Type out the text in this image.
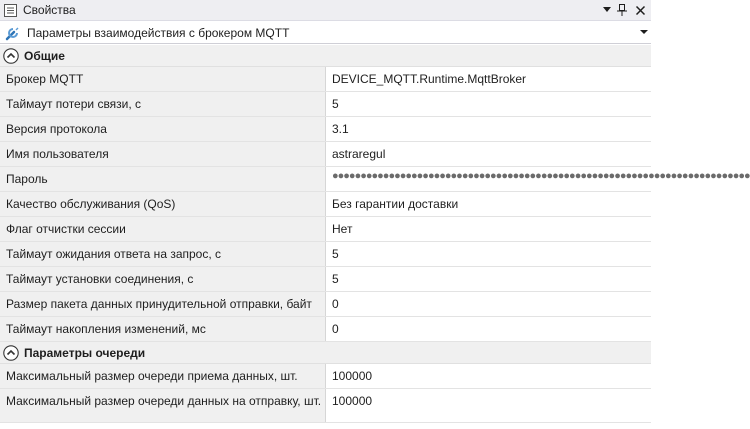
Свойства
Параметры взаимодействия с брокером MQTT
Общие
Брокер MQTT	DEVICE_MQTT.Runtime.MqttBroker
Таймаут потери связи, с	5
Версия протокола	3.1
Имя пользователя	astraregul
Пароль	●●●●●●●●●●●●●●●●●●●●●●●●●●●●●●●●●●●●●●●●●●●●●●●●●●●●●●●●●●●●●●●●●●●●●●●●●●
Качество обслуживания (QoS)	Без гарантии доставки
Флаг отчистки сессии	Нет
Таймаут ожидания ответа на запрос, с	5
Таймаут установки соединения, с	5
Размер пакета данных принудительной отправки, байт	0
Таймаут накопления изменений, мс	0
Параметры очереди
Максимальный размер очереди приема данных, шт.	100000
Максимальный размер очереди данных на отправку, шт. 100000
